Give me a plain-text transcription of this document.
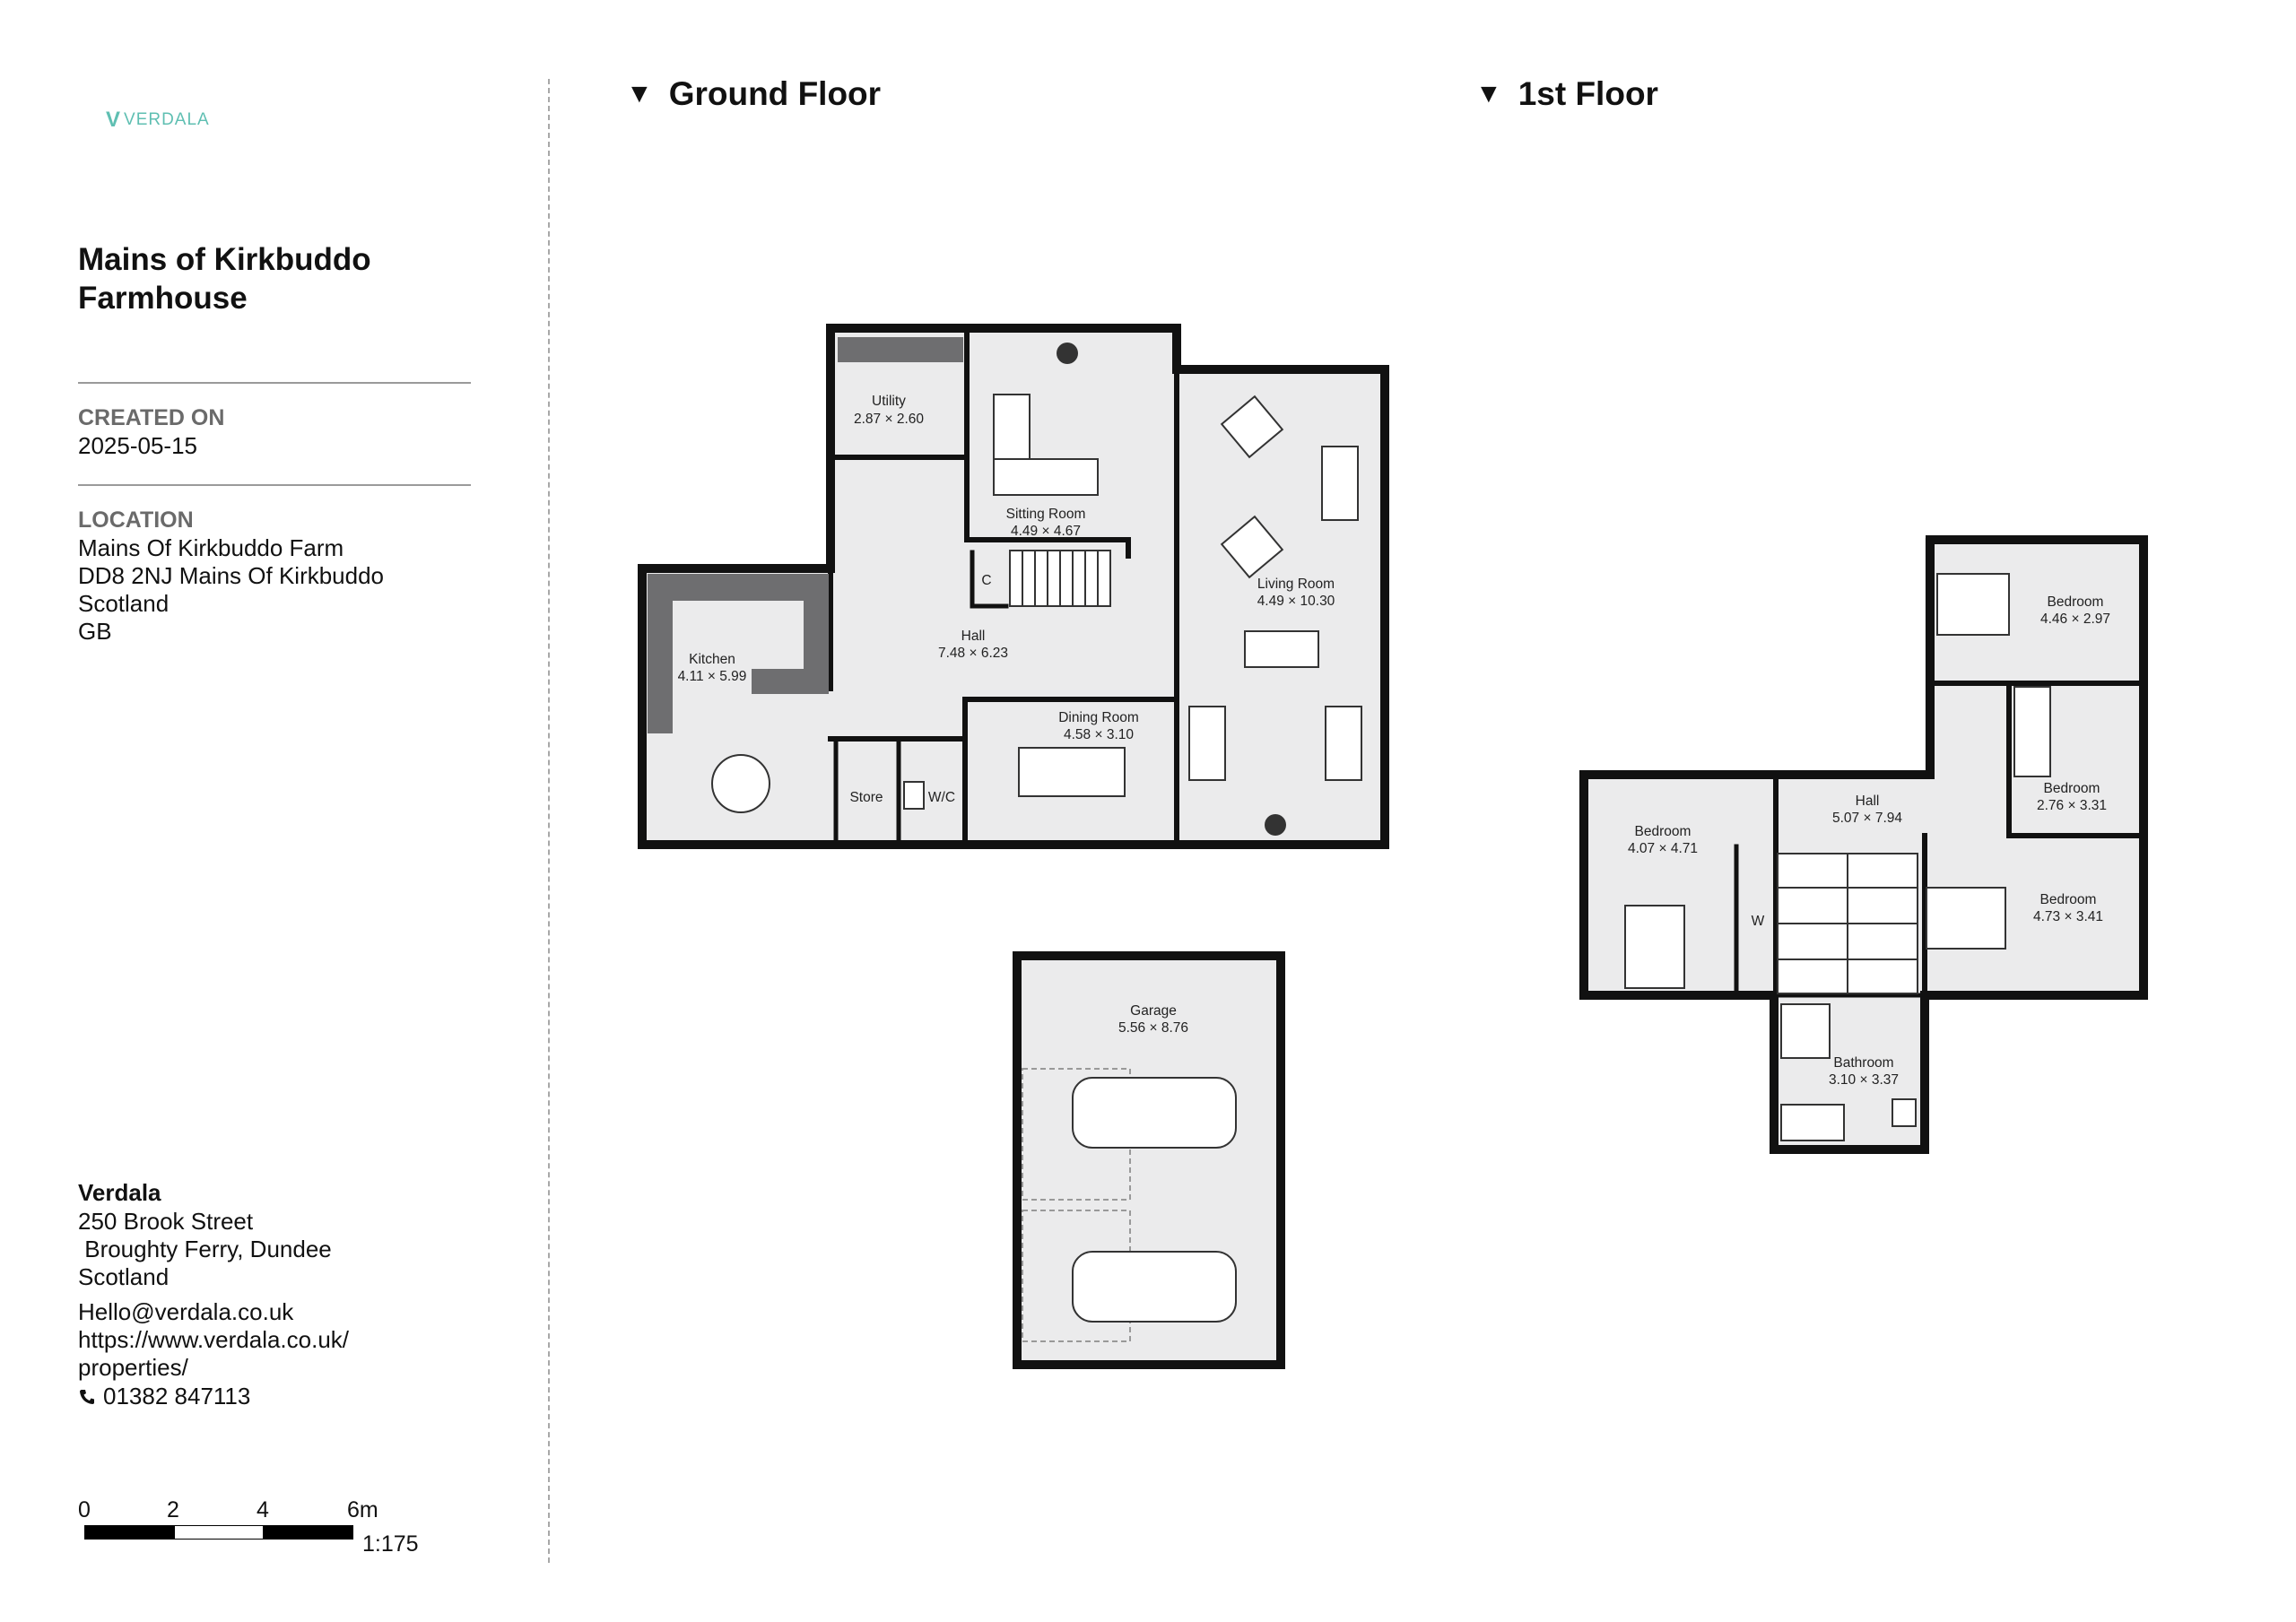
V VERDALA
Mains of Kirkbuddo
Farmhouse
CREATED ON
2025-05-15
LOCATION
Mains Of Kirkbuddo Farm
DD8 2NJ Mains Of Kirkbuddo
Scotland
GB
Verdala
250 Brook Street
Broughty Ferry, Dundee
Scotland
Hello@verdala.co.uk
https://www.verdala.co.uk/
properties/
01382 847113
0	2	4	6m
1:175
▼ Ground Floor	▼ 1st Floor
Utility
2.87 × 2.60
Sitting Room
4.49 × 4.67
Living Room
4.49 × 10.30
Kitchen
4.11 × 5.99
Hall
7.48 × 6.23
Dining Room
4.58 × 3.10
Store	W/C
C
Garage
5.56 × 8.76
Bedroom
4.46 × 2.97
Bedroom
2.76 × 3.31
Bedroom
4.07 × 4.71
Hall
5.07 × 7.94
Bedroom
4.73 × 3.41
Bathroom
3.10 × 3.37
W
